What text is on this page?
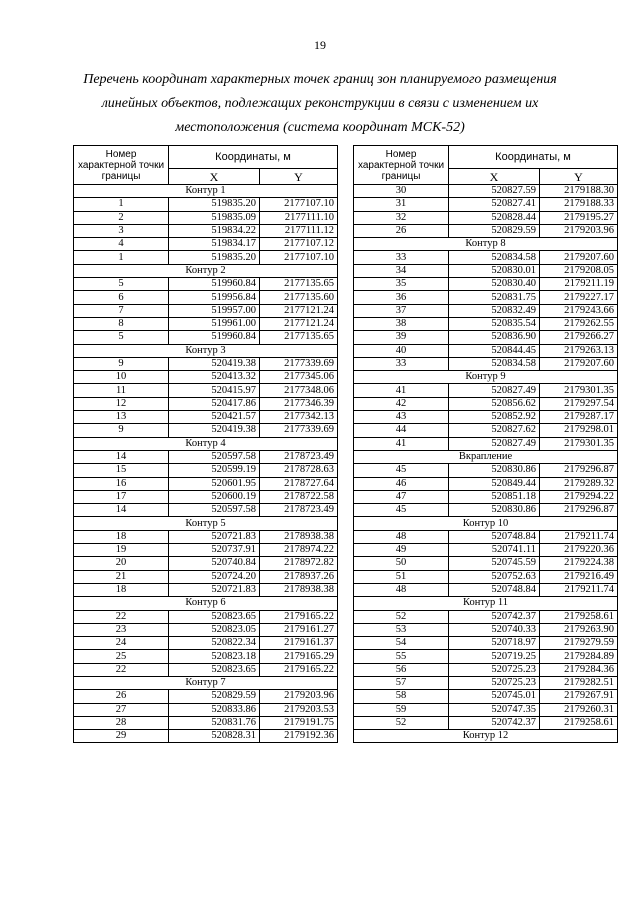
19
Перечень координат характерных точек границ зон планируемого размещения
линейных объектов, подлежащих реконструкции в связи с изменением их
местоположения (система координат МСК-52)
Номер характерной точки границы	Координаты, м	
	X	Y
Контур 1		
1	519835.20	2177107.10
2	519835.09	2177111.10
3	519834.22	2177111.12
4	519834.17	2177107.12
1	519835.20	2177107.10
Контур 2		
5	519960.84	2177135.65
6	519956.84	2177135.60
7	519957.00	2177121.24
8	519961.00	2177121.24
5	519960.84	2177135.65
Контур 3		
9	520419.38	2177339.69
10	520413.32	2177345.06
11	520415.97	2177348.06
12	520417.86	2177346.39
13	520421.57	2177342.13
9	520419.38	2177339.69
Контур 4		
14	520597.58	2178723.49
15	520599.19	2178728.63
16	520601.95	2178727.64
17	520600.19	2178722.58
14	520597.58	2178723.49
Контур 5		
18	520721.83	2178938.38
19	520737.91	2178974.22
20	520740.84	2178972.82
21	520724.20	2178937.26
18	520721.83	2178938.38
Контур 6		
22	520823.65	2179165.22
23	520823.05	2179161.27
24	520822.34	2179161.37
25	520823.18	2179165.29
22	520823.65	2179165.22
Контур 7		
26	520829.59	2179203.96
27	520833.86	2179203.53
28	520831.76	2179191.75
29	520828.31	2179192.36
Номер характерной точки границы	Координаты, м	
	X	Y
30	520827.59	2179188.30
31	520827.41	2179188.33
32	520828.44	2179195.27
26	520829.59	2179203.96
Контур 8		
33	520834.58	2179207.60
34	520830.01	2179208.05
35	520830.40	2179211.19
36	520831.75	2179227.17
37	520832.49	2179243.66
38	520835.54	2179262.55
39	520836.90	2179266.27
40	520844.45	2179263.13
33	520834.58	2179207.60
Контур 9		
41	520827.49	2179301.35
42	520856.62	2179297.54
43	520852.92	2179287.17
44	520827.62	2179298.01
41	520827.49	2179301.35
Вкрапление		
45	520830.86	2179296.87
46	520849.44	2179289.32
47	520851.18	2179294.22
45	520830.86	2179296.87
Контур 10		
48	520748.84	2179211.74
49	520741.11	2179220.36
50	520745.59	2179224.38
51	520752.63	2179216.49
48	520748.84	2179211.74
Контур 11		
52	520742.37	2179258.61
53	520740.33	2179263.90
54	520718.97	2179279.59
55	520719.25	2179284.89
56	520725.23	2179284.36
57	520725.23	2179282.51
58	520745.01	2179267.91
59	520747.35	2179260.31
52	520742.37	2179258.61
Контур 12		
